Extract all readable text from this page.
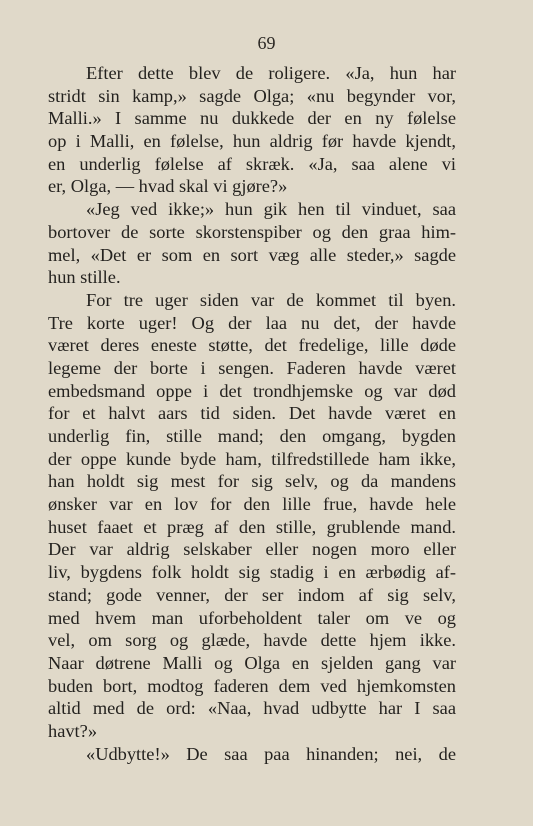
69
Efter dette blev de roligere. «Ja, hun har
stridt sin kamp,» sagde Olga; «nu begynder vor,
Malli.» I samme nu dukkede der en ny følelse
op i Malli, en følelse, hun aldrig før havde kjendt,
en underlig følelse af skræk. «Ja, saa alene vi
er, Olga, — hvad skal vi gjøre?»
«Jeg ved ikke;» hun gik hen til vinduet, saa
bortover de sorte skorstenspiber og den graa him-
mel, «Det er som en sort væg alle steder,» sagde
hun stille.
For tre uger siden var de kommet til byen.
Tre korte uger! Og der laa nu det, der havde
været deres eneste støtte, det fredelige, lille døde
legeme der borte i sengen. Faderen havde været
embedsmand oppe i det trondhjemske og var død
for et halvt aars tid siden. Det havde været en
underlig fin, stille mand; den omgang, bygden
der oppe kunde byde ham, tilfredstillede ham ikke,
han holdt sig mest for sig selv, og da mandens
ønsker var en lov for den lille frue, havde hele
huset faaet et præg af den stille, grublende mand.
Der var aldrig selskaber eller nogen moro eller
liv, bygdens folk holdt sig stadig i en ærbødig af-
stand; gode venner, der ser indom af sig selv,
med hvem man uforbeholdent taler om ve og
vel, om sorg og glæde, havde dette hjem ikke.
Naar døtrene Malli og Olga en sjelden gang var
buden bort, modtog faderen dem ved hjemkomsten
altid med de ord: «Naa, hvad udbytte har I saa
havt?»
«Udbytte!» De saa paa hinanden; nei, de
